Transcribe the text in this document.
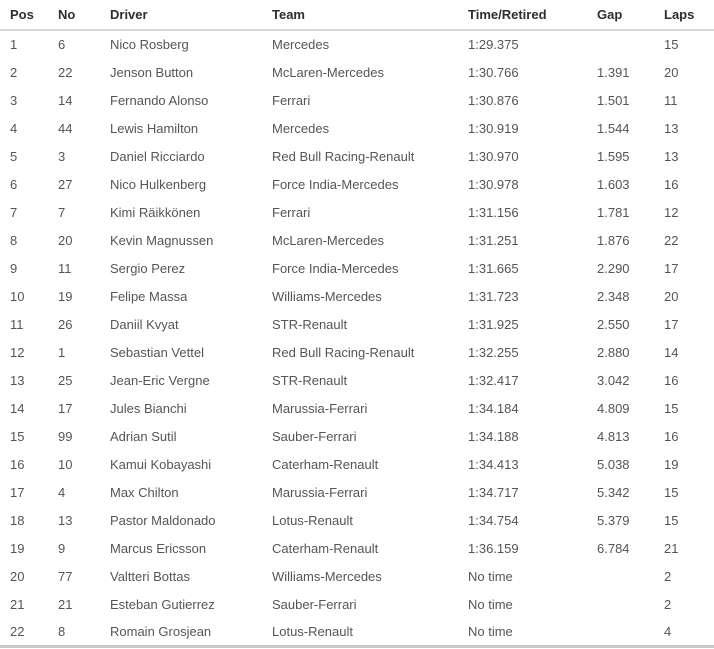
Pos	No	Driver	Team	Time/Retired	Gap	Laps
1	6	Nico Rosberg	Mercedes	1:29.375		15
2	22	Jenson Button	McLaren-Mercedes	1:30.766	1.391	20
3	14	Fernando Alonso	Ferrari	1:30.876	1.501	11
4	44	Lewis Hamilton	Mercedes	1:30.919	1.544	13
5	3	Daniel Ricciardo	Red Bull Racing-Renault	1:30.970	1.595	13
6	27	Nico Hulkenberg	Force India-Mercedes	1:30.978	1.603	16
7	7	Kimi Räikkönen	Ferrari	1:31.156	1.781	12
8	20	Kevin Magnussen	McLaren-Mercedes	1:31.251	1.876	22
9	11	Sergio Perez	Force India-Mercedes	1:31.665	2.290	17
10	19	Felipe Massa	Williams-Mercedes	1:31.723	2.348	20
11	26	Daniil Kvyat	STR-Renault	1:31.925	2.550	17
12	1	Sebastian Vettel	Red Bull Racing-Renault	1:32.255	2.880	14
13	25	Jean-Eric Vergne	STR-Renault	1:32.417	3.042	16
14	17	Jules Bianchi	Marussia-Ferrari	1:34.184	4.809	15
15	99	Adrian Sutil	Sauber-Ferrari	1:34.188	4.813	16
16	10	Kamui Kobayashi	Caterham-Renault	1:34.413	5.038	19
17	4	Max Chilton	Marussia-Ferrari	1:34.717	5.342	15
18	13	Pastor Maldonado	Lotus-Renault	1:34.754	5.379	15
19	9	Marcus Ericsson	Caterham-Renault	1:36.159	6.784	21
20	77	Valtteri Bottas	Williams-Mercedes	No time		2
21	21	Esteban Gutierrez	Sauber-Ferrari	No time		2
22	8	Romain Grosjean	Lotus-Renault	No time		4
